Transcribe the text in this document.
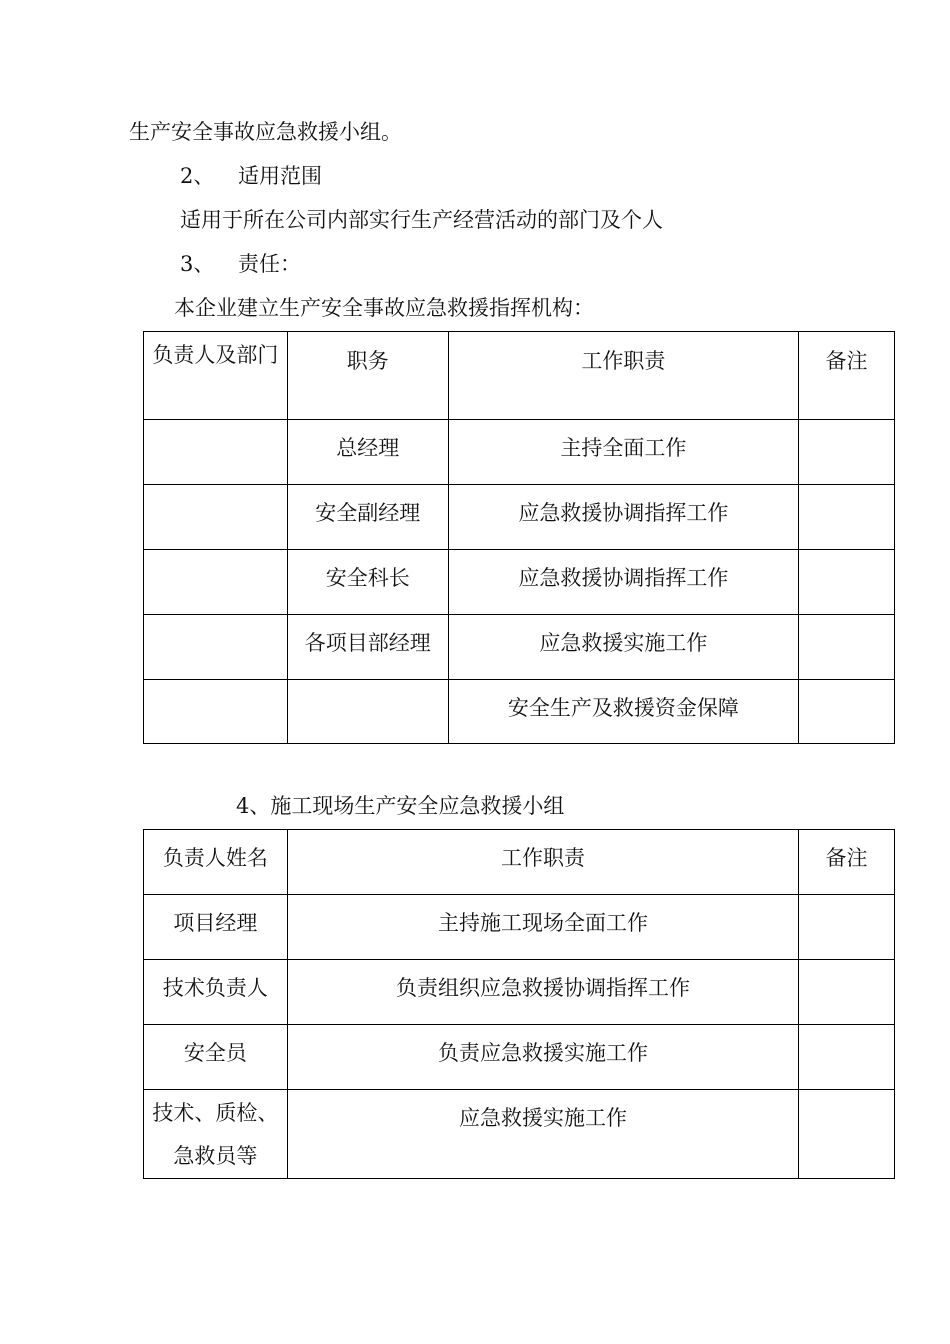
生产安全事故应急救援小组。
2、 适用范围
适用于所在公司内部实行生产经营活动的部门及个人
3、 责任：
本企业建立生产安全事故应急救援指挥机构：
负责人及部门	职务	工作职责	备注

	总经理	主持全面工作	

	安全副经理	应急救援协调指挥工作	

	安全科长	应急救援协调指挥工作	

	各项目部经理	应急救援实施工作	

		安全生产及救援资金保障	

4、施工现场生产安全应急救援小组
负责人姓名	工作职责	备注

项目经理	主持施工现场全面工作	

技术负责人	负责组织应急救援协调指挥工作	

安全员	负责应急救援实施工作	

技术、质检、急救员等	应急救援实施工作	
